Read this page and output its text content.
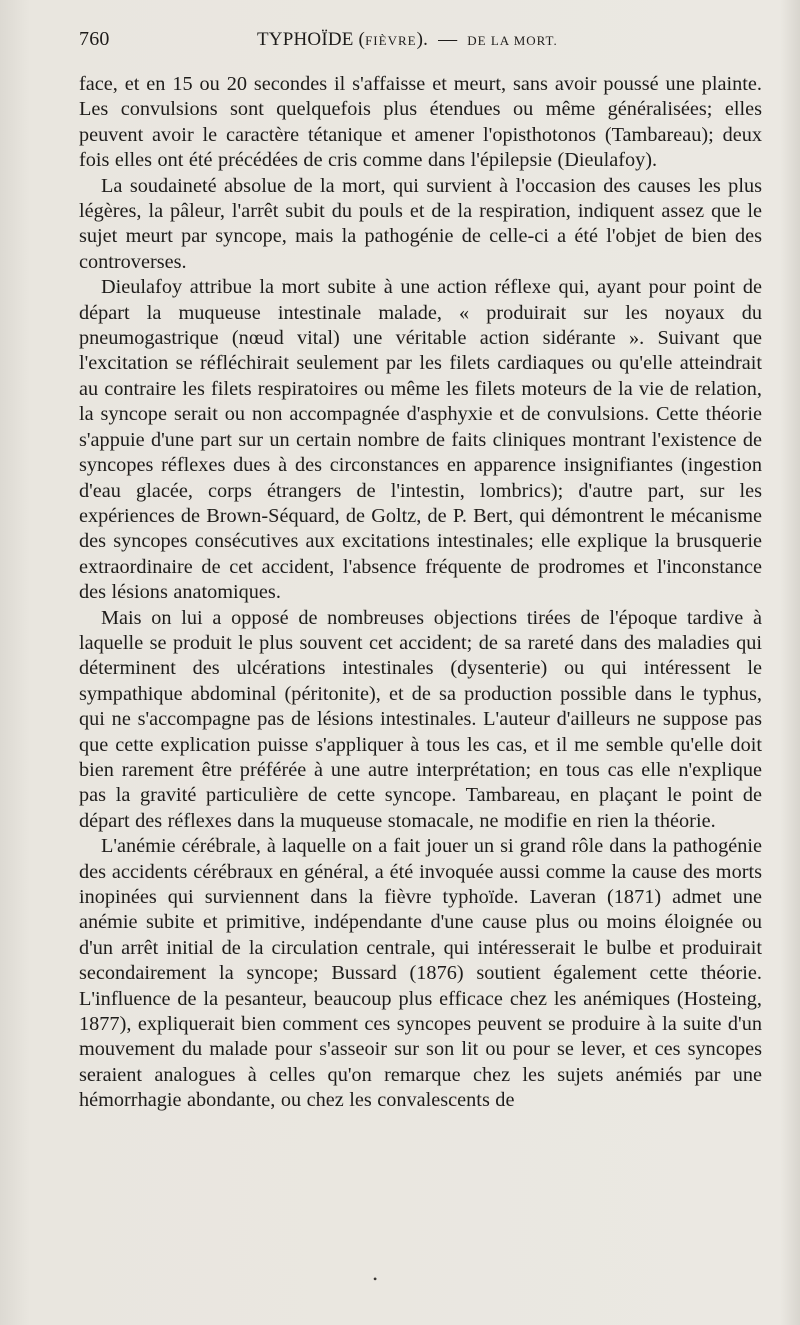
760	TYPHOÏDE (FIÈVRE). — DE LA MORT.

face, et en 15 ou 20 secondes il s'affaisse et meurt, sans avoir poussé une plainte. Les convulsions sont quelquefois plus étendues ou même généralisées; elles peuvent avoir le caractère tétanique et amener l'opisthotonos (Tambareau); deux fois elles ont été précédées de cris comme dans l'épilepsie (Dieulafoy).

La soudaineté absolue de la mort, qui survient à l'occasion des causes les plus légères, la pâleur, l'arrêt subit du pouls et de la respiration, indiquent assez que le sujet meurt par syncope, mais la pathogénie de celle-ci a été l'objet de bien des controverses.

Dieulafoy attribue la mort subite à une action réflexe qui, ayant pour point de départ la muqueuse intestinale malade, « produirait sur les noyaux du pneumogastrique (nœud vital) une véritable action sidérante ». Suivant que l'excitation se réfléchirait seulement par les filets cardiaques ou qu'elle atteindrait au contraire les filets respiratoires ou même les filets moteurs de la vie de relation, la syncope serait ou non accompagnée d'asphyxie et de convulsions. Cette théorie s'appuie d'une part sur un certain nombre de faits cliniques montrant l'existence de syncopes réflexes dues à des circonstances en apparence insignifiantes (ingestion d'eau glacée, corps étrangers de l'intestin, lombrics); d'autre part, sur les expériences de Brown-Séquard, de Goltz, de P. Bert, qui démontrent le mécanisme des syncopes consécutives aux excitations intestinales; elle explique la brusquerie extraordinaire de cet accident, l'absence fréquente de prodromes et l'inconstance des lésions anatomiques.

Mais on lui a opposé de nombreuses objections tirées de l'époque tardive à laquelle se produit le plus souvent cet accident; de sa rareté dans des maladies qui déterminent des ulcérations intestinales (dysenterie) ou qui intéressent le sympathique abdominal (péritonite), et de sa production possible dans le typhus, qui ne s'accompagne pas de lésions intestinales. L'auteur d'ailleurs ne suppose pas que cette explication puisse s'appliquer à tous les cas, et il me semble qu'elle doit bien rarement être préférée à une autre interprétation; en tous cas elle n'explique pas la gravité particulière de cette syncope. Tambareau, en plaçant le point de départ des réflexes dans la muqueuse stomacale, ne modifie en rien la théorie.

L'anémie cérébrale, à laquelle on a fait jouer un si grand rôle dans la pathogénie des accidents cérébraux en général, a été invoquée aussi comme la cause des morts inopinées qui surviennent dans la fièvre typhoïde. Laveran (1871) admet une anémie subite et primitive, indépendante d'une cause plus ou moins éloignée ou d'un arrêt initial de la circulation centrale, qui intéresserait le bulbe et produirait secondairement la syncope; Bussard (1876) soutient également cette théorie. L'influence de la pesanteur, beaucoup plus efficace chez les anémiques (Hosteing, 1877), expliquerait bien comment ces syncopes peuvent se produire à la suite d'un mouvement du malade pour s'asseoir sur son lit ou pour se lever, et ces syncopes seraient analogues à celles qu'on remarque chez les sujets anémiés par une hémorrhagie abondante, ou chez les convalescents de

•
